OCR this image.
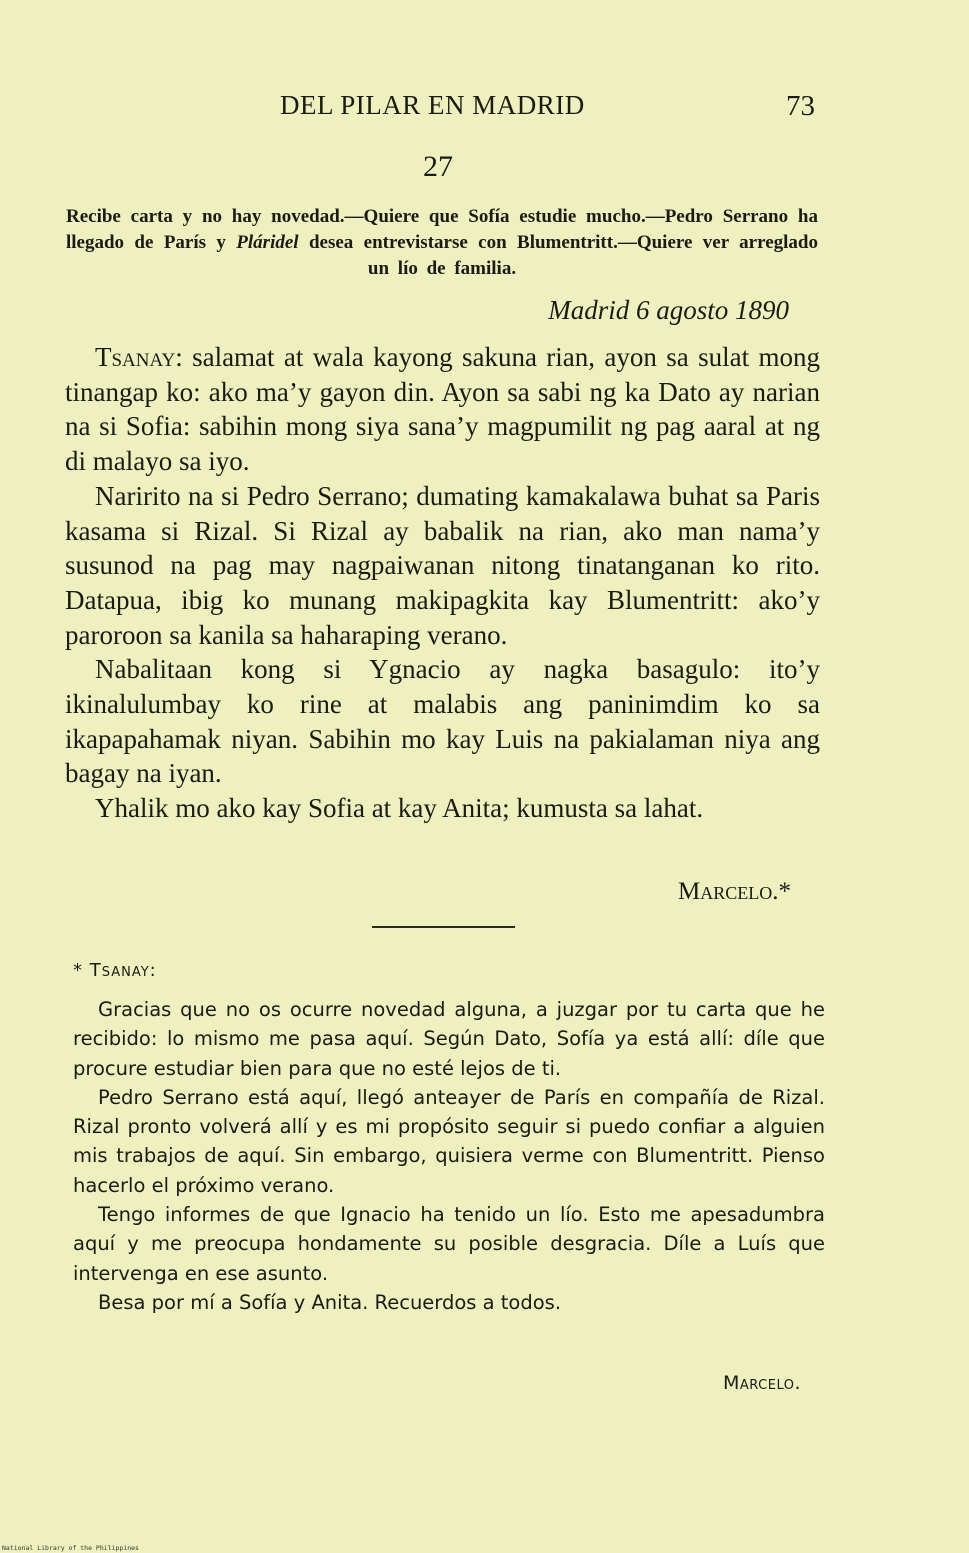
DEL PILAR EN MADRID	73
27
Recibe carta y no hay novedad.—Quiere que Sofía estudie mucho.—Pedro Serrano ha llegado de París y Pláridel desea entrevistarse con Blumentritt.—Quiere ver arreglado un lío de familia.
Madrid 6 agosto 1890

Tsanay: salamat at wala kayong sakuna rian, ayon sa sulat mong tinangap ko: ako ma’y gayon din. Ayon sa sabi ng ka Dato ay narian na si Sofia: sabihin mong siya sana’y magpumilit ng pag aaral at ng di malayo sa iyo.

Naririto na si Pedro Serrano; dumating kamakalawa buhat sa Paris kasama si Rizal. Si Rizal ay babalik na rian, ako man nama’y susunod na pag may nagpaiwanan nitong tinatanganan ko rito. Datapua, ibig ko munang makipagkita kay Blumentritt: ako’y paroroon sa kanila sa haharaping verano.

Nabalitaan kong si Ygnacio ay nagka basagulo: ito’y ikinalulumbay ko rine at malabis ang paninimdim ko sa ikapapahamak niyan. Sabihin mo kay Luis na pakialaman niya ang bagay na iyan.

Yhalik mo ako kay Sofia at kay Anita; kumusta sa lahat.

Marcelo.*
* Tsanay:

Gracias que no os ocurre novedad alguna, a juzgar por tu carta que he recibido: lo mismo me pasa aquí. Según Dato, Sofía ya está allí: díle que procure estudiar bien para que no esté lejos de ti.

Pedro Serrano está aquí, llegó anteayer de París en compañía de Rizal. Rizal pronto volverá allí y es mi propósito seguir si puedo confiar a alguien mis trabajos de aquí. Sin embargo, quisiera verme con Blumentritt. Pienso hacerlo el próximo verano.

Tengo informes de que Ignacio ha tenido un lío. Esto me apesadumbra aquí y me preocupa hondamente su posible desgracia. Díle a Luís que intervenga en ese asunto.

Besa por mí a Sofía y Anita. Recuerdos a todos.

Marcelo.
National Library of the Philippines
